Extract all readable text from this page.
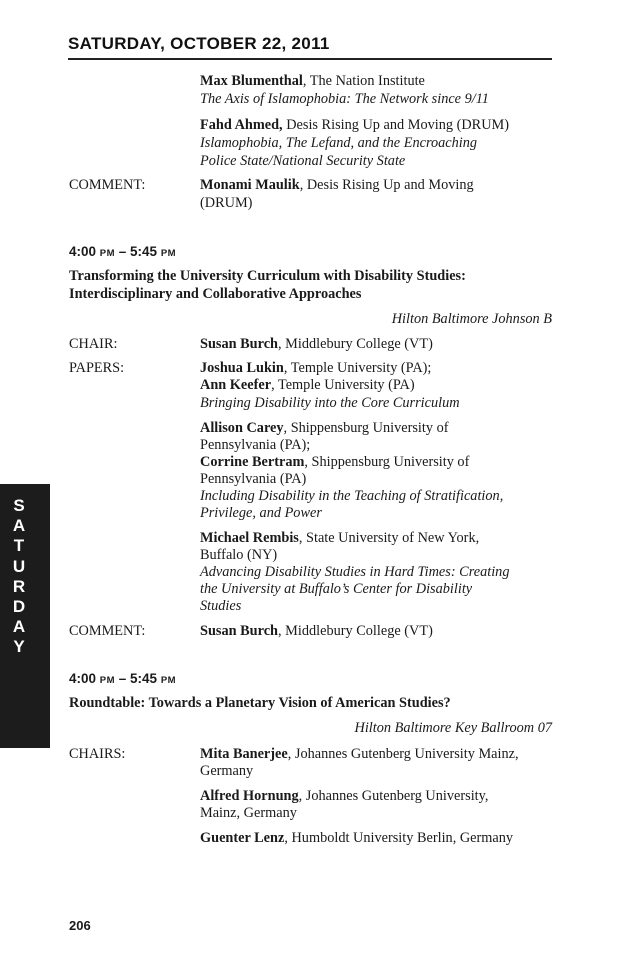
SATURDAY, OCTOBER 22, 2011
S
A
T
U
R
D
A
Y
Max Blumenthal, The Nation Institute
The Axis of Islamophobia: The Network since 9/11
Fahd Ahmed, Desis Rising Up and Moving (DRUM)
Islamophobia, The Lefand, and the Encroaching
Police State/National Security State
COMMENT:	Monami Maulik, Desis Rising Up and Moving
(DRUM)
4:00 PM – 5:45 PM
Transforming the University Curriculum with Disability Studies:
Interdisciplinary and Collaborative Approaches
Hilton Baltimore Johnson B
CHAIR:	Susan Burch, Middlebury College (VT)
PAPERS:	Joshua Lukin, Temple University (PA);
Ann Keefer, Temple University (PA)
Bringing Disability into the Core Curriculum
Allison Carey, Shippensburg University of
Pennsylvania (PA);
Corrine Bertram, Shippensburg University of
Pennsylvania (PA)
Including Disability in the Teaching of Stratification,
Privilege, and Power
Michael Rembis, State University of New York,
Buffalo (NY)
Advancing Disability Studies in Hard Times: Creating
the University at Buffalo’s Center for Disability
Studies
COMMENT:	Susan Burch, Middlebury College (VT)
4:00 PM – 5:45 PM
Roundtable: Towards a Planetary Vision of American Studies?
Hilton Baltimore Key Ballroom 07
CHAIRS:	Mita Banerjee, Johannes Gutenberg University Mainz,
Germany
Alfred Hornung, Johannes Gutenberg University,
Mainz, Germany
Guenter Lenz, Humboldt University Berlin, Germany
206
